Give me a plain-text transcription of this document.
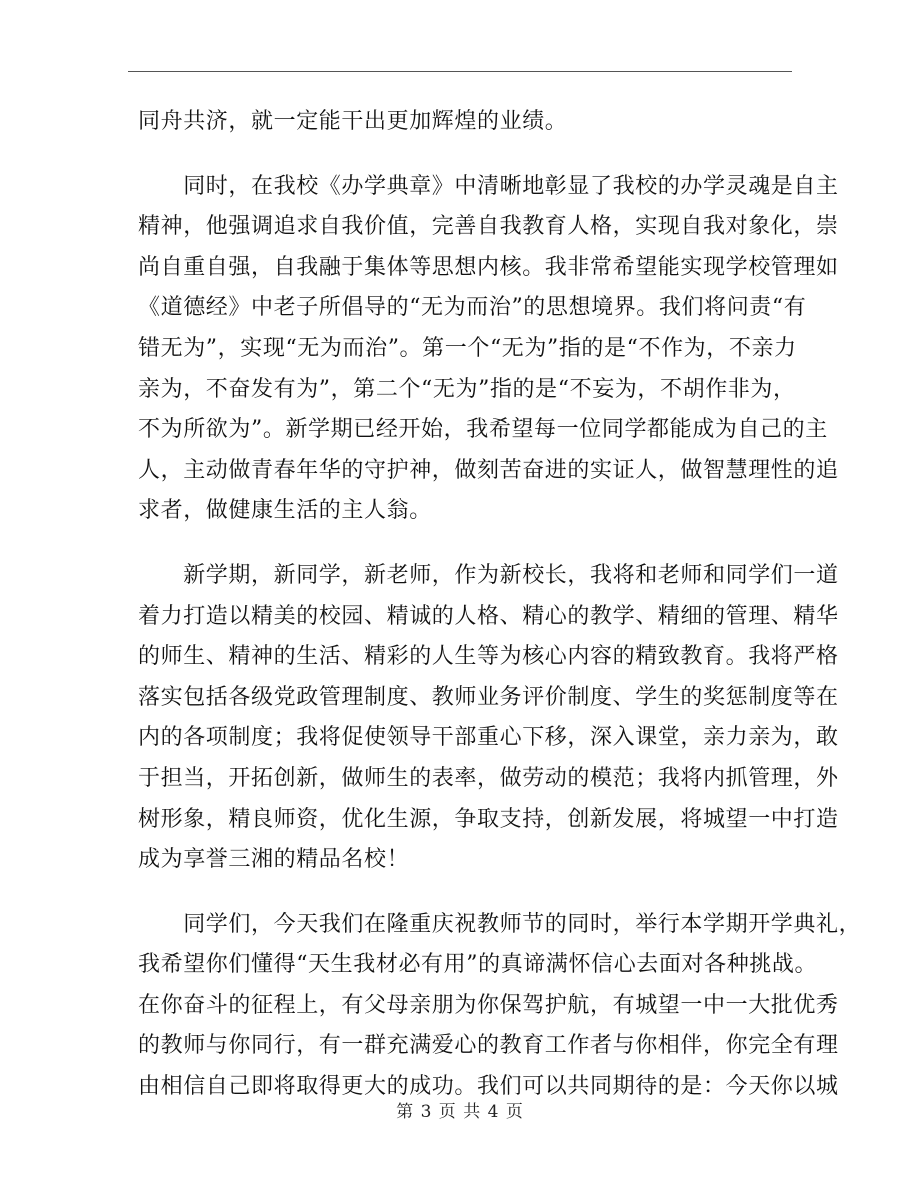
同舟共济，就一定能干出更加辉煌的业绩。
　　同时，在我校《办学典章》中清晰地彰显了我校的办学灵魂是自主
精神，他强调追求自我价值，完善自我教育人格，实现自我对象化，崇
尚自重自强，自我融于集体等思想内核。我非常希望能实现学校管理如
《道德经》中老子所倡导的“无为而治”的思想境界。我们将问责“有
错无为”，实现“无为而治”。第一个“无为”指的是“不作为，不亲力
亲为，不奋发有为”，第二个“无为”指的是“不妄为，不胡作非为，
不为所欲为”。新学期已经开始，我希望每一位同学都能成为自己的主
人，主动做青春年华的守护神，做刻苦奋进的实证人，做智慧理性的追
求者，做健康生活的主人翁。
　　新学期，新同学，新老师，作为新校长，我将和老师和同学们一道
着力打造以精美的校园、精诚的人格、精心的教学、精细的管理、精华
的师生、精神的生活、精彩的人生等为核心内容的精致教育。我将严格
落实包括各级党政管理制度、教师业务评价制度、学生的奖惩制度等在
内的各项制度；我将促使领导干部重心下移，深入课堂，亲力亲为，敢
于担当，开拓创新，做师生的表率，做劳动的模范；我将内抓管理，外
树形象，精良师资，优化生源，争取支持，创新发展，将城望一中打造
成为享誉三湘的精品名校！
　　同学们，今天我们在隆重庆祝教师节的同时，举行本学期开学典礼，
我希望你们懂得“天生我材必有用”的真谛满怀信心去面对各种挑战。
在你奋斗的征程上，有父母亲朋为你保驾护航，有城望一中一大批优秀
的教师与你同行，有一群充满爱心的教育工作者与你相伴，你完全有理
由相信自己即将取得更大的成功。我们可以共同期待的是：今天你以城
第 3 页 共 4 页
